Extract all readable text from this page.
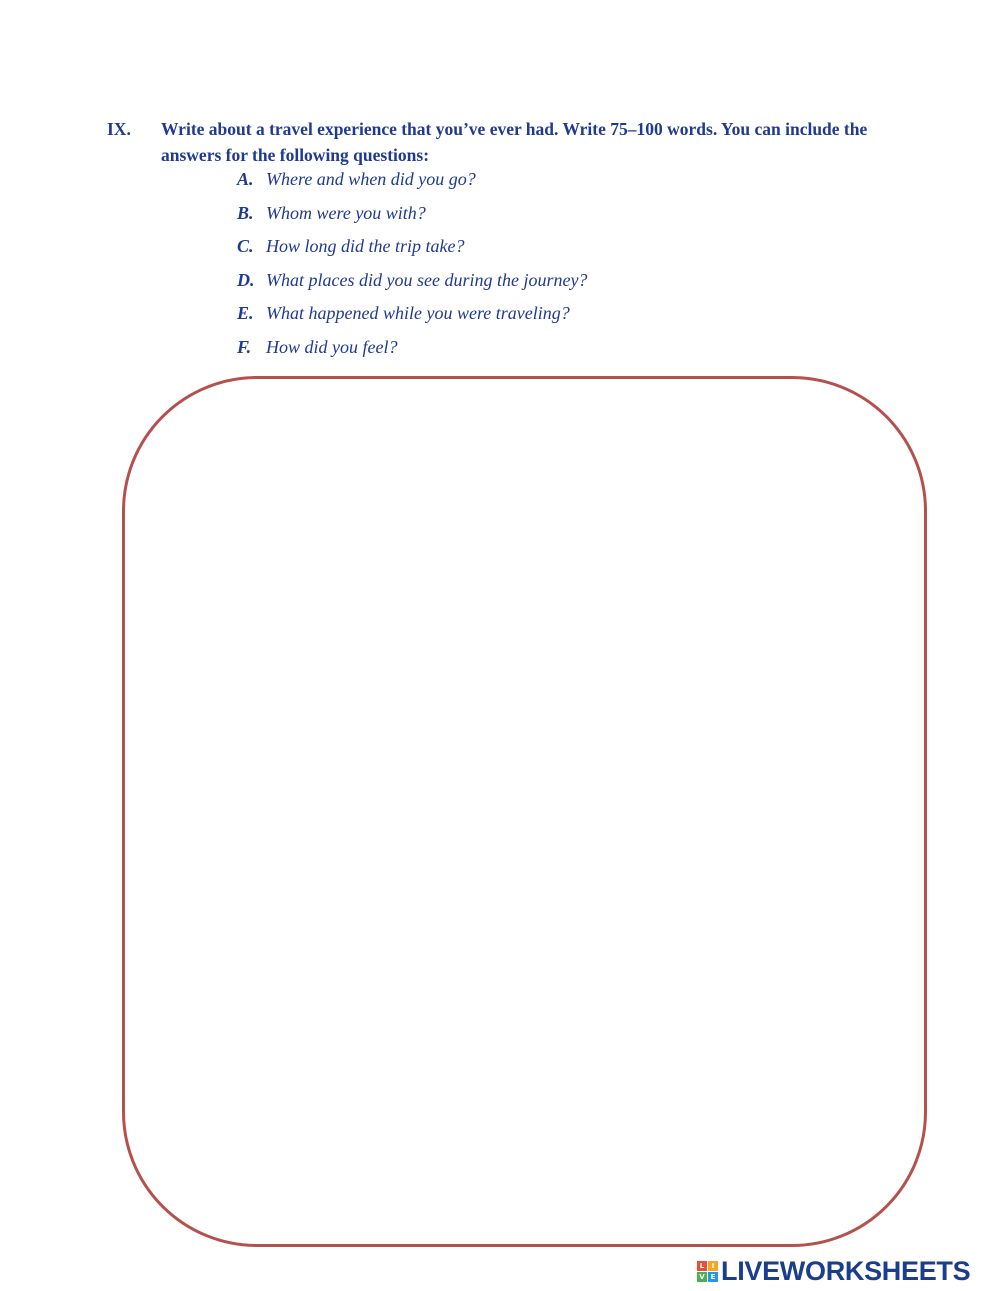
IX. Write about a travel experience that you’ve ever had. Write 75–100 words. You can include the answers for the following questions:
A. Where and when did you go?
B. Whom were you with?
C. How long did the trip take?
D. What places did you see during the journey?
E. What happened while you were traveling?
F. How did you feel?
L	I
V E LIVEWORKSHEETS
